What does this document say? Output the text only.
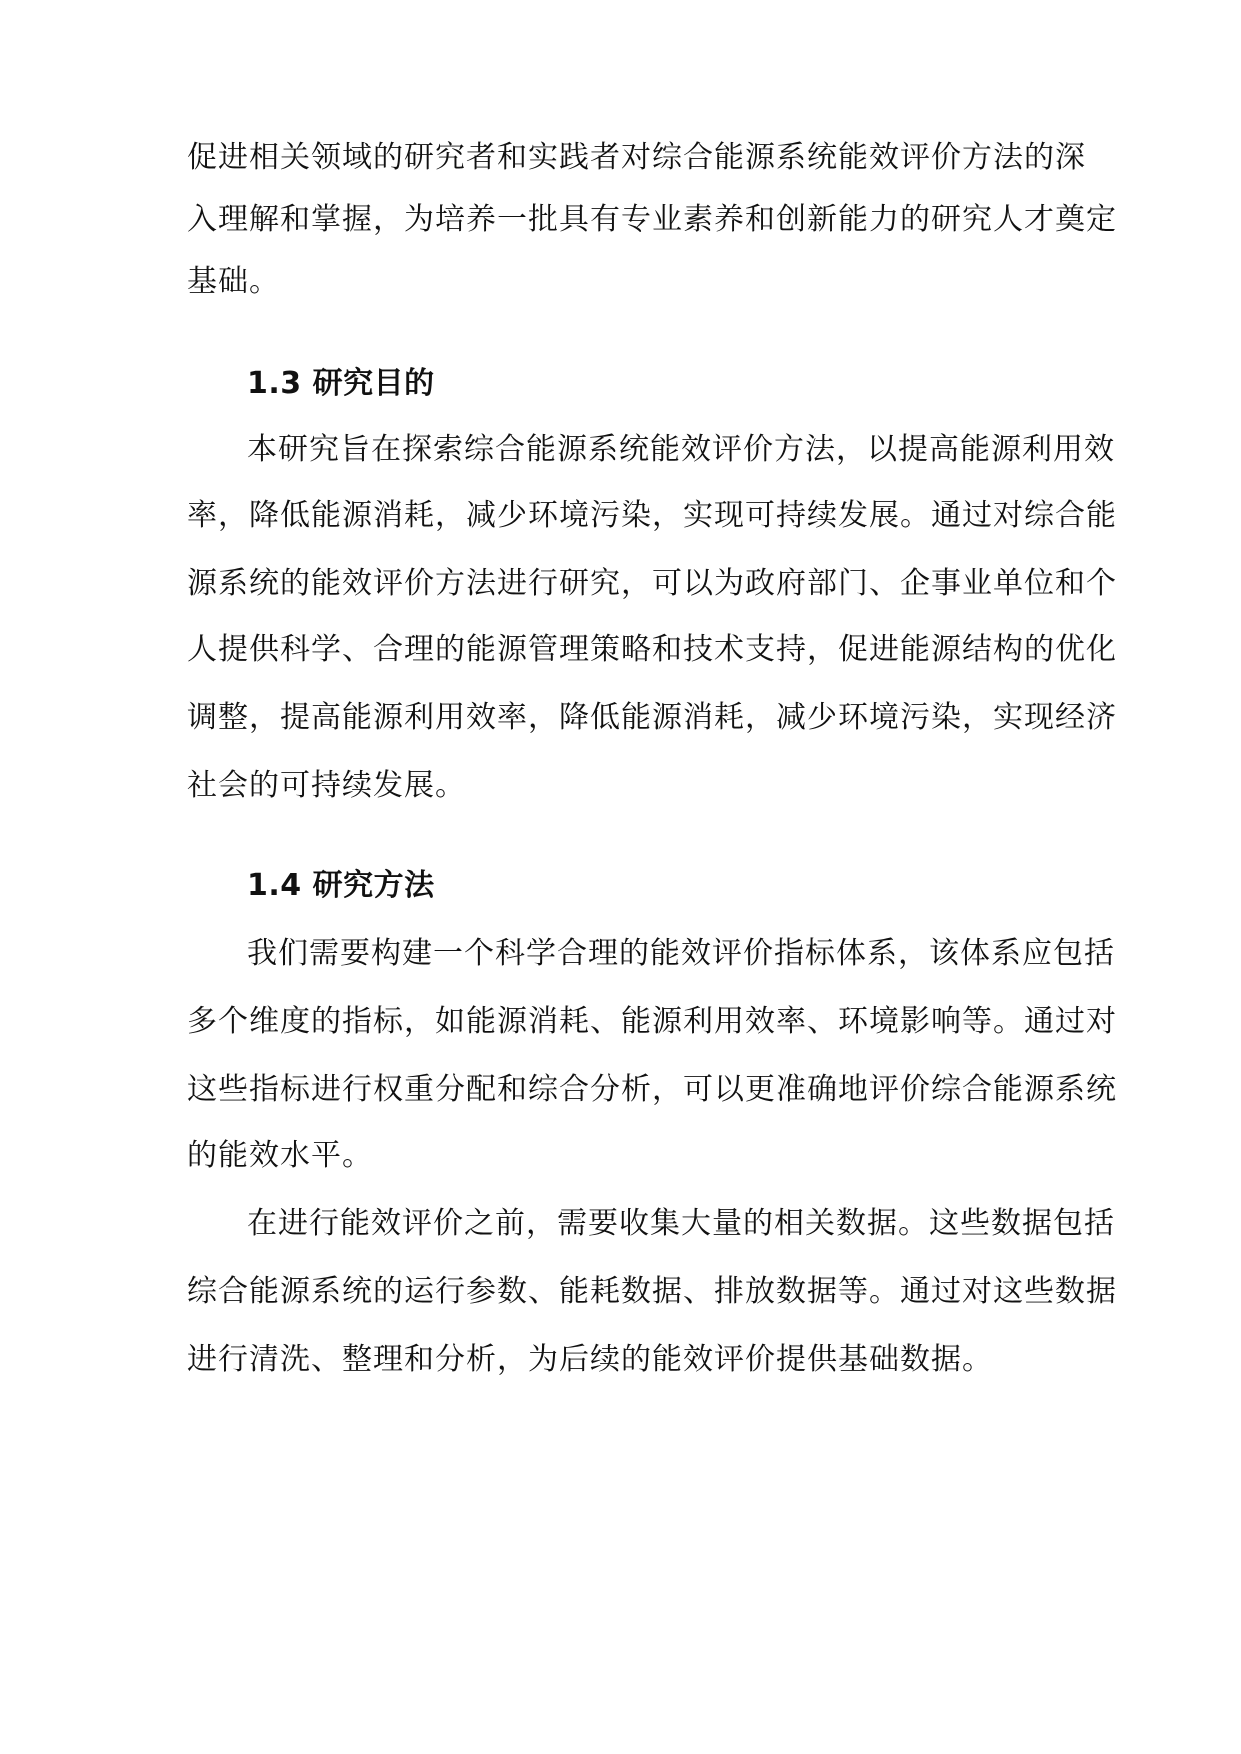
促进相关领域的研究者和实践者对综合能源系统能效评价方法的深
入理解和掌握，为培养一批具有专业素养和创新能力的研究人才奠定
基础。
1.3 研究目的
本研究旨在探索综合能源系统能效评价方法，以提高能源利用效
率，降低能源消耗，减少环境污染，实现可持续发展。通过对综合能
源系统的能效评价方法进行研究，可以为政府部门、企事业单位和个
人提供科学、合理的能源管理策略和技术支持，促进能源结构的优化
调整，提高能源利用效率，降低能源消耗，减少环境污染，实现经济
社会的可持续发展。
1.4 研究方法
我们需要构建一个科学合理的能效评价指标体系，该体系应包括
多个维度的指标，如能源消耗、能源利用效率、环境影响等。通过对
这些指标进行权重分配和综合分析，可以更准确地评价综合能源系统
的能效水平。
在进行能效评价之前，需要收集大量的相关数据。这些数据包括
综合能源系统的运行参数、能耗数据、排放数据等。通过对这些数据
进行清洗、整理和分析，为后续的能效评价提供基础数据。
